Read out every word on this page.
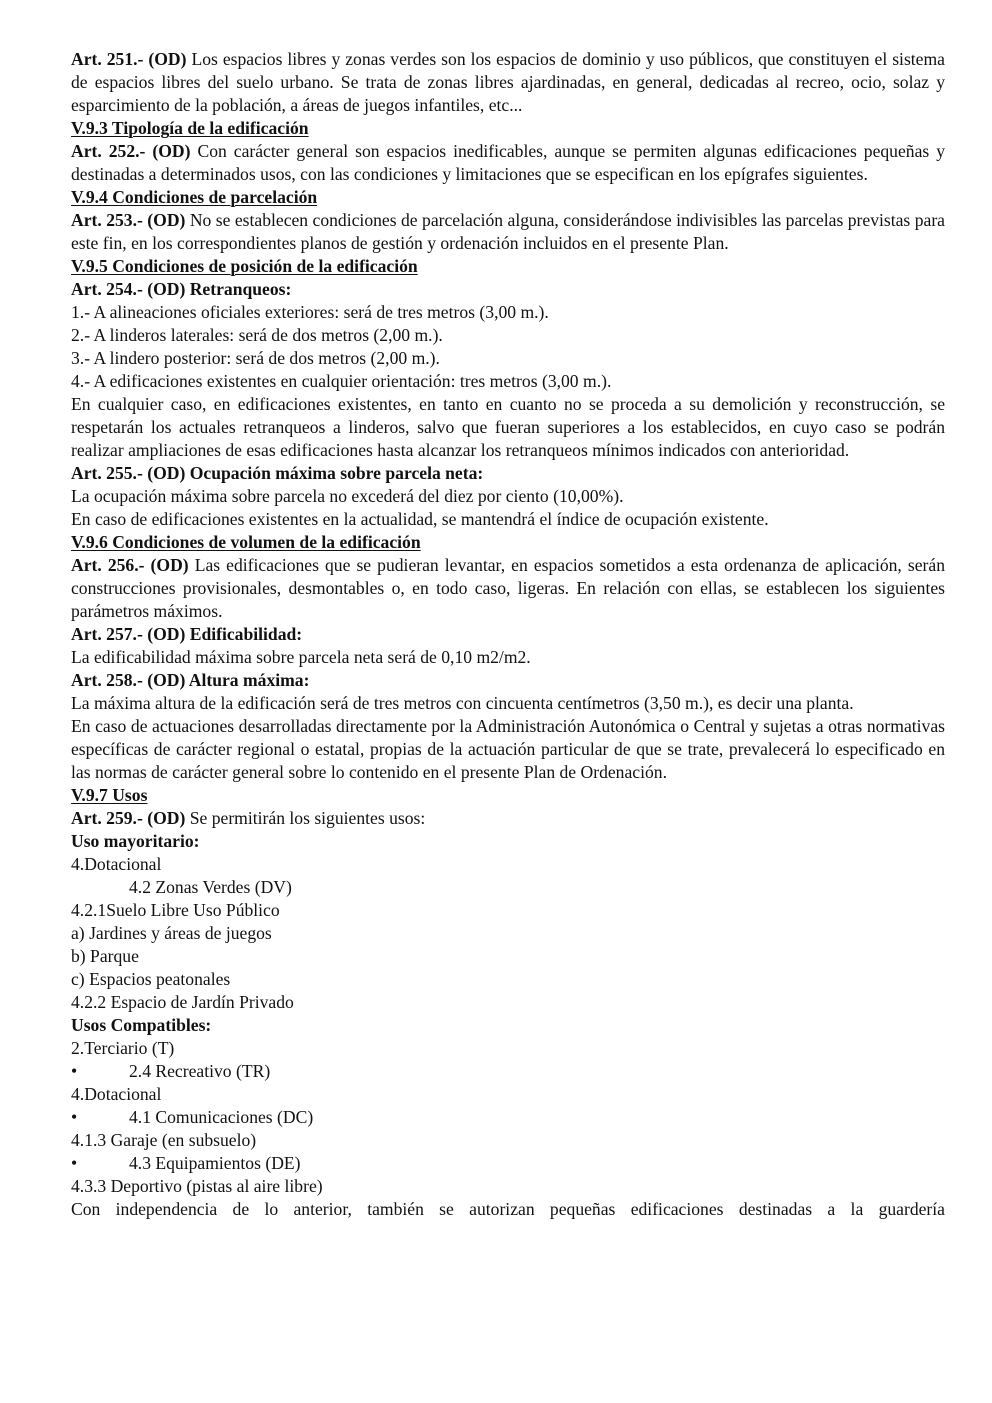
Art. 251.- (OD) Los espacios libres y zonas verdes son los espacios de dominio y uso públicos, que constituyen el sistema de espacios libres del suelo urbano. Se trata de zonas libres ajardinadas, en general, dedicadas al recreo, ocio, solaz y esparcimiento de la población, a áreas de juegos infantiles, etc...

V.9.3 Tipología de la edificación

Art. 252.- (OD) Con carácter general son espacios inedificables, aunque se permiten algunas edificaciones pequeñas y destinadas a determinados usos, con las condiciones y limitaciones que se especifican en los epígrafes siguientes.

V.9.4 Condiciones de parcelación

Art. 253.- (OD) No se establecen condiciones de parcelación alguna, considerándose indivisibles las parcelas previstas para este fin, en los correspondientes planos de gestión y ordenación incluidos en el presente Plan.

V.9.5 Condiciones de posición de la edificación

Art. 254.- (OD) Retranqueos:

1.- A alineaciones oficiales exteriores: será de tres metros (3,00 m.).

2.- A linderos laterales: será de dos metros (2,00 m.).

3.- A lindero posterior: será de dos metros (2,00 m.).

4.- A edificaciones existentes en cualquier orientación: tres metros (3,00 m.).

En cualquier caso, en edificaciones existentes, en tanto en cuanto no se proceda a su demolición y reconstrucción, se respetarán los actuales retranqueos a linderos, salvo que fueran superiores a los establecidos, en cuyo caso se podrán realizar ampliaciones de esas edificaciones hasta alcanzar los retranqueos mínimos indicados con anterioridad.

Art. 255.- (OD) Ocupación máxima sobre parcela neta:

La ocupación máxima sobre parcela no excederá del diez por ciento (10,00%).

En caso de edificaciones existentes en la actualidad, se mantendrá el índice de ocupación existente.

V.9.6 Condiciones de volumen de la edificación

Art. 256.- (OD) Las edificaciones que se pudieran levantar, en espacios sometidos a esta ordenanza de aplicación, serán construcciones provisionales, desmontables o, en todo caso, ligeras. En relación con ellas, se establecen los siguientes parámetros máximos.

Art. 257.- (OD) Edificabilidad:

La edificabilidad máxima sobre parcela neta será de 0,10 m2/m2.

Art. 258.- (OD) Altura máxima:

La máxima altura de la edificación será de tres metros con cincuenta centímetros (3,50 m.), es decir una planta.

En caso de actuaciones desarrolladas directamente por la Administración Autonómica o Central y sujetas a otras normativas específicas de carácter regional o estatal, propias de la actuación particular de que se trate, prevalecerá lo especificado en las normas de carácter general sobre lo contenido en el presente Plan de Ordenación.

V.9.7 Usos

Art. 259.- (OD) Se permitirán los siguientes usos:

Uso mayoritario:

4.Dotacional

4.2 Zonas Verdes (DV)

4.2.1Suelo Libre Uso Público

a) Jardines y áreas de juegos

b) Parque

c) Espacios peatonales

4.2.2 Espacio de Jardín Privado

Usos Compatibles:

2.Terciario (T)

•	2.4 Recreativo (TR)

4.Dotacional

•	4.1 Comunicaciones (DC)

4.1.3 Garaje (en subsuelo)

•	4.3 Equipamientos (DE)

4.3.3 Deportivo (pistas al aire libre)

Con independencia de lo anterior, también se autorizan pequeñas edificaciones destinadas a la guardería
